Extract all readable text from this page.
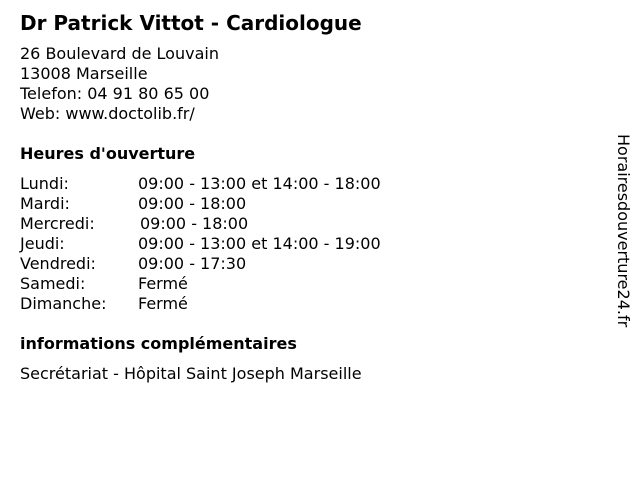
Dr Patrick Vittot - Cardiologue
26 Boulevard de Louvain
13008 Marseille
Telefon: 04 91 80 65 00
Web: www.doctolib.fr/
Heures d'ouverture
Lundi:	09:00 - 13:00 et 14:00 - 18:00
Mardi:	09:00 - 18:00
Mercredi:	09:00 - 18:00
Jeudi:	09:00 - 13:00 et 14:00 - 19:00
Vendredi:	09:00 - 17:30
Samedi:	Fermé
Dimanche: Fermé
informations complémentaires
Secrétariat - Hôpital Saint Joseph Marseille
Horairesdouverture24.fr
